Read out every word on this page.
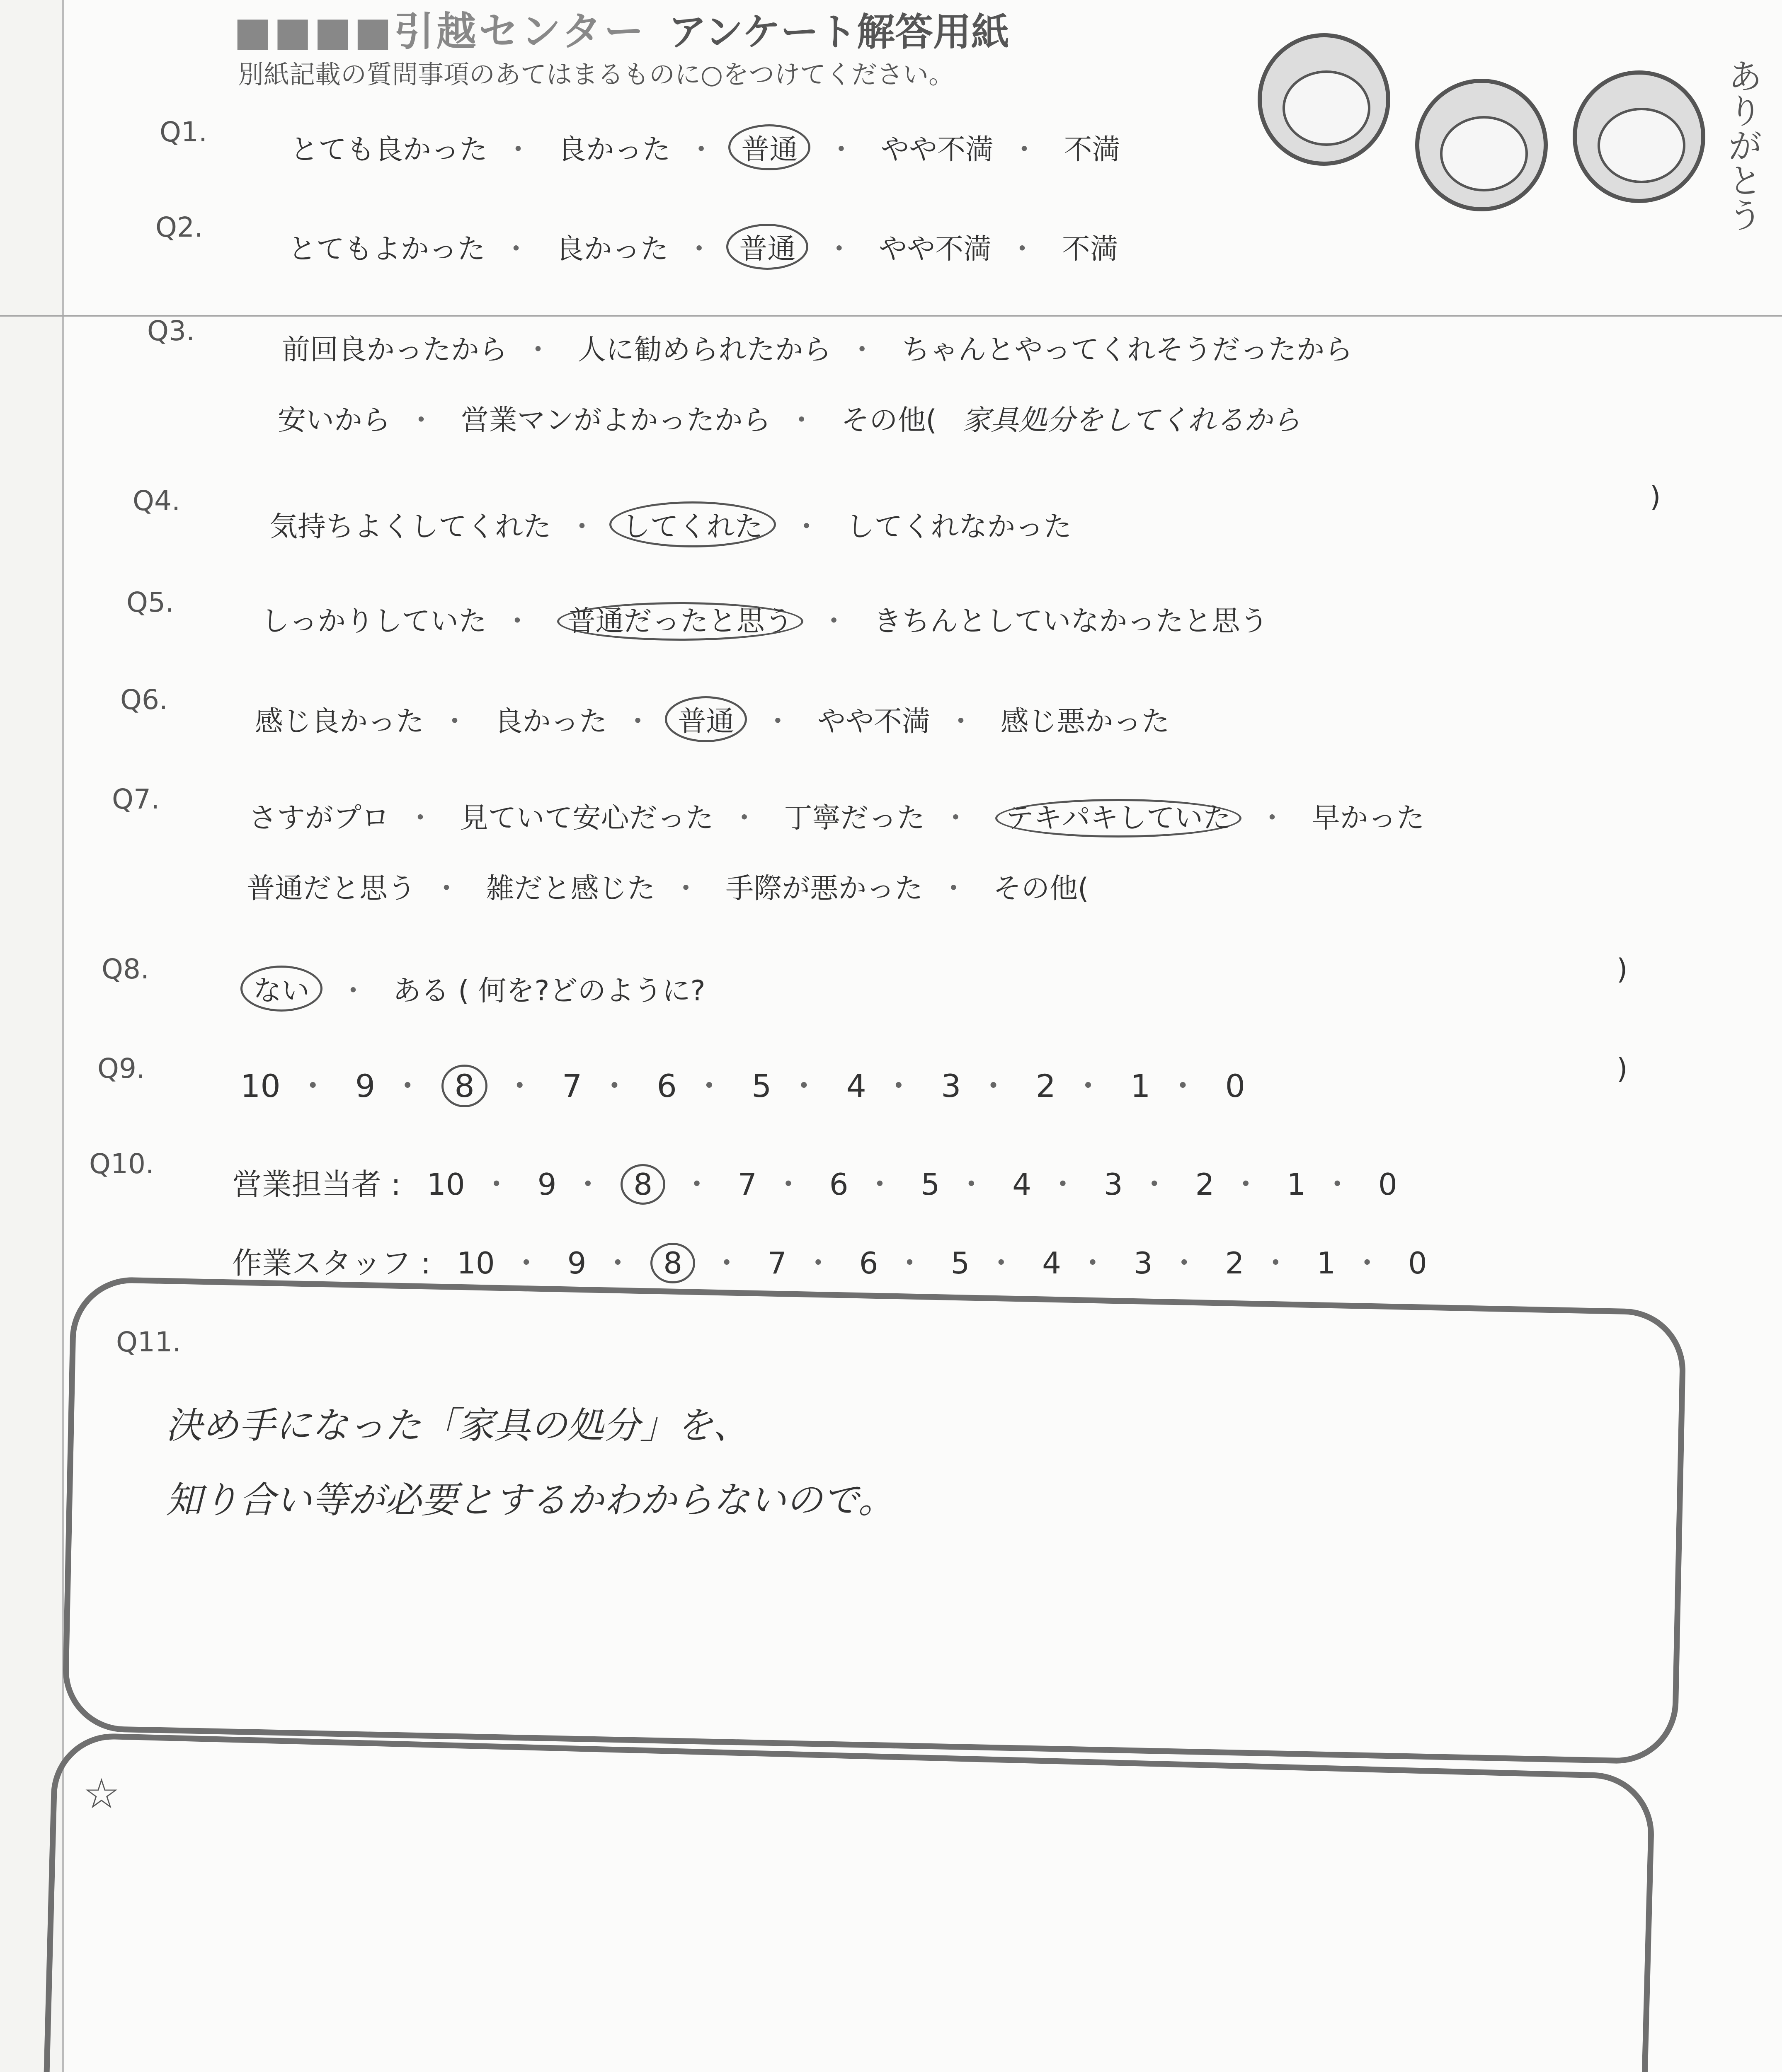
■■■■引越センター アンケート解答用紙
別紙記載の質問事項のあてはまるものに○をつけてください。	ありがとう
Q1.
とても良かった ・ 良かった ・ 普通 ・ やや不満 ・ 不満
Q2.
とてもよかった ・ 良かった ・ 普通 ・ やや不満 ・ 不満
Q3.
前回良かったから ・ 人に勧められたから ・ ちゃんとやってくれそうだったから
安いから ・ 営業マンがよかったから ・ その他( 家具処分をしてくれるから
)
Q4.
気持ちよくしてくれた ・ してくれた ・ してくれなかった
Q5.
しっかりしていた ・ 普通だったと思う ・ きちんとしていなかったと思う
Q6.
感じ良かった ・ 良かった ・ 普通 ・ やや不満 ・ 感じ悪かった
Q7.
さすがプロ ・ 見ていて安心だった ・ 丁寧だった ・ テキパキしていた ・ 早かった
普通だと思う ・ 雑だと感じた ・ 手際が悪かった ・ その他(
)
Q8.
ない ・ ある ( 何を?どのように?
)
Q9.	10 ・ 9 ・ 8 ・ 7 ・ 6 ・ 5 ・ 4 ・ 3 ・ 2 ・ 1 ・ 0
Q10.
営業担当者 : 10 ・ 9 ・ 8 ・ 7 ・ 6 ・ 5 ・ 4 ・ 3 ・ 2 ・ 1 ・ 0
作業スタッフ : 10 ・ 9 ・ 8 ・ 7 ・ 6 ・ 5 ・ 4 ・ 3 ・ 2 ・ 1 ・ 0
Q11.
決め手になった「家具の処分」を、
知り合い等が必要とするかわからないので。
☆
